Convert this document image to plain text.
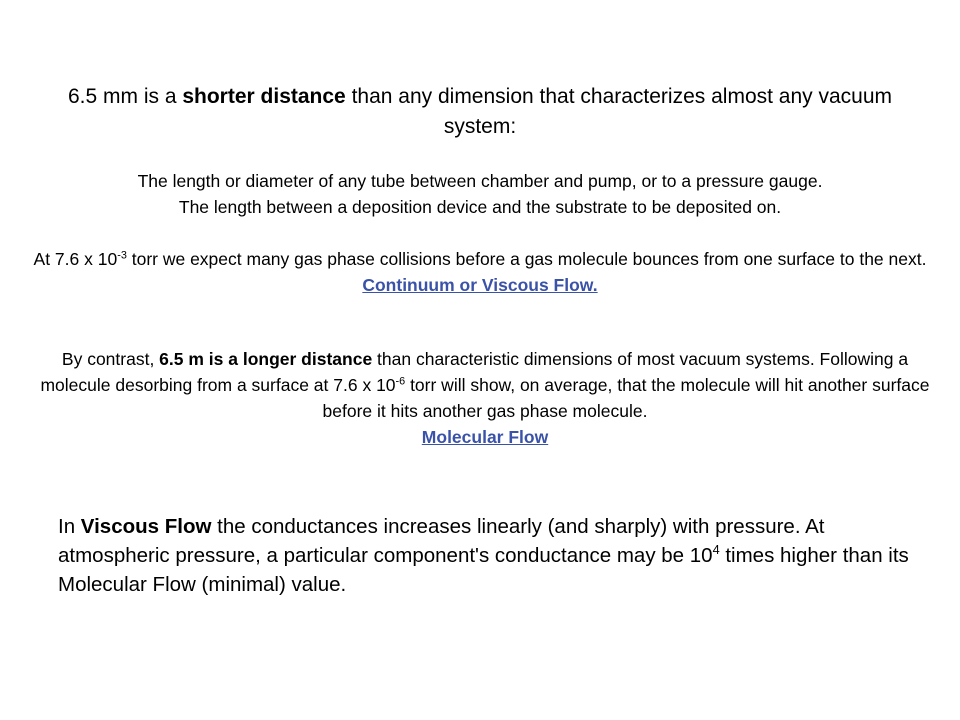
6.5 mm is a shorter distance than any dimension that characterizes almost any vacuum system:

The length or diameter of any tube between chamber and pump, or to a pressure gauge.

The length between a deposition device and the substrate to be deposited on.

At 7.6 x $10^{-3}$ torr we expect many gas phase collisions before a gas molecule bounces from one surface to the next. Continuum or Viscous Flow.

By contrast, 6.5 m is a longer distance than characteristic dimensions of most vacuum systems. Following a molecule desorbing from a surface at 7.6 x $10^{-6}$ torr will show, on average, that the molecule will hit another surface before it hits another gas phase molecule.

Molecular Flow

In Viscous Flow the conductances increases linearly (and sharply) with pressure. At atmospheric pressure, a particular component's conductance may be $10^4$ times higher than its Molecular Flow (minimal) value.
